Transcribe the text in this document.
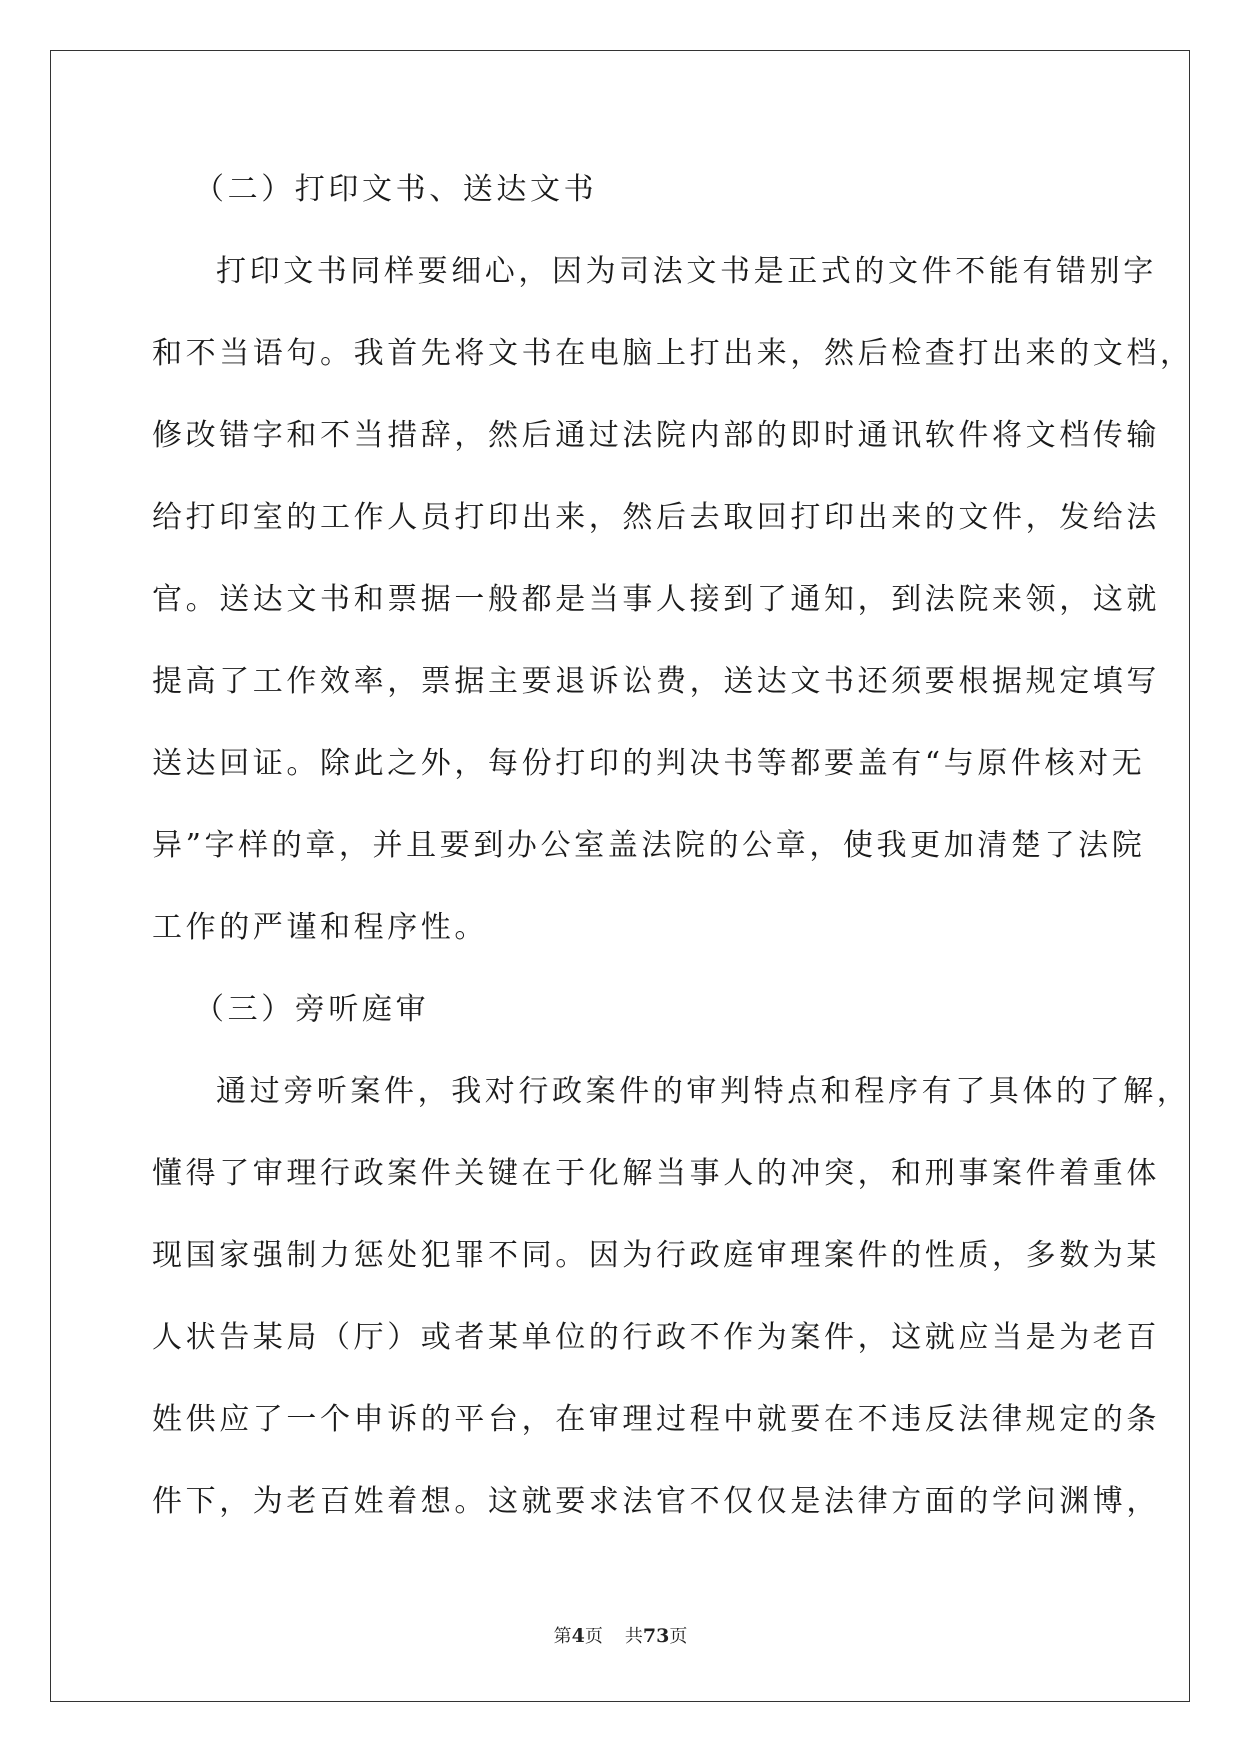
（二）打印文书、送达文书
打印文书同样要细心，因为司法文书是正式的文件不能有错别字
和不当语句。我首先将文书在电脑上打出来，然后检查打出来的文档，
修改错字和不当措辞，然后通过法院内部的即时通讯软件将文档传输
给打印室的工作人员打印出来，然后去取回打印出来的文件，发给法
官。送达文书和票据一般都是当事人接到了通知，到法院来领，这就
提高了工作效率，票据主要退诉讼费，送达文书还须要根据规定填写
送达回证。除此之外，每份打印的判决书等都要盖有“与原件核对无
异”字样的章，并且要到办公室盖法院的公章，使我更加清楚了法院
工作的严谨和程序性。
（三）旁听庭审
通过旁听案件，我对行政案件的审判特点和程序有了具体的了解，
懂得了审理行政案件关键在于化解当事人的冲突，和刑事案件着重体
现国家强制力惩处犯罪不同。因为行政庭审理案件的性质，多数为某
人状告某局（厅）或者某单位的行政不作为案件，这就应当是为老百
姓供应了一个申诉的平台，在审理过程中就要在不违反法律规定的条
件下，为老百姓着想。这就要求法官不仅仅是法律方面的学问渊博，
第4页 共73页
